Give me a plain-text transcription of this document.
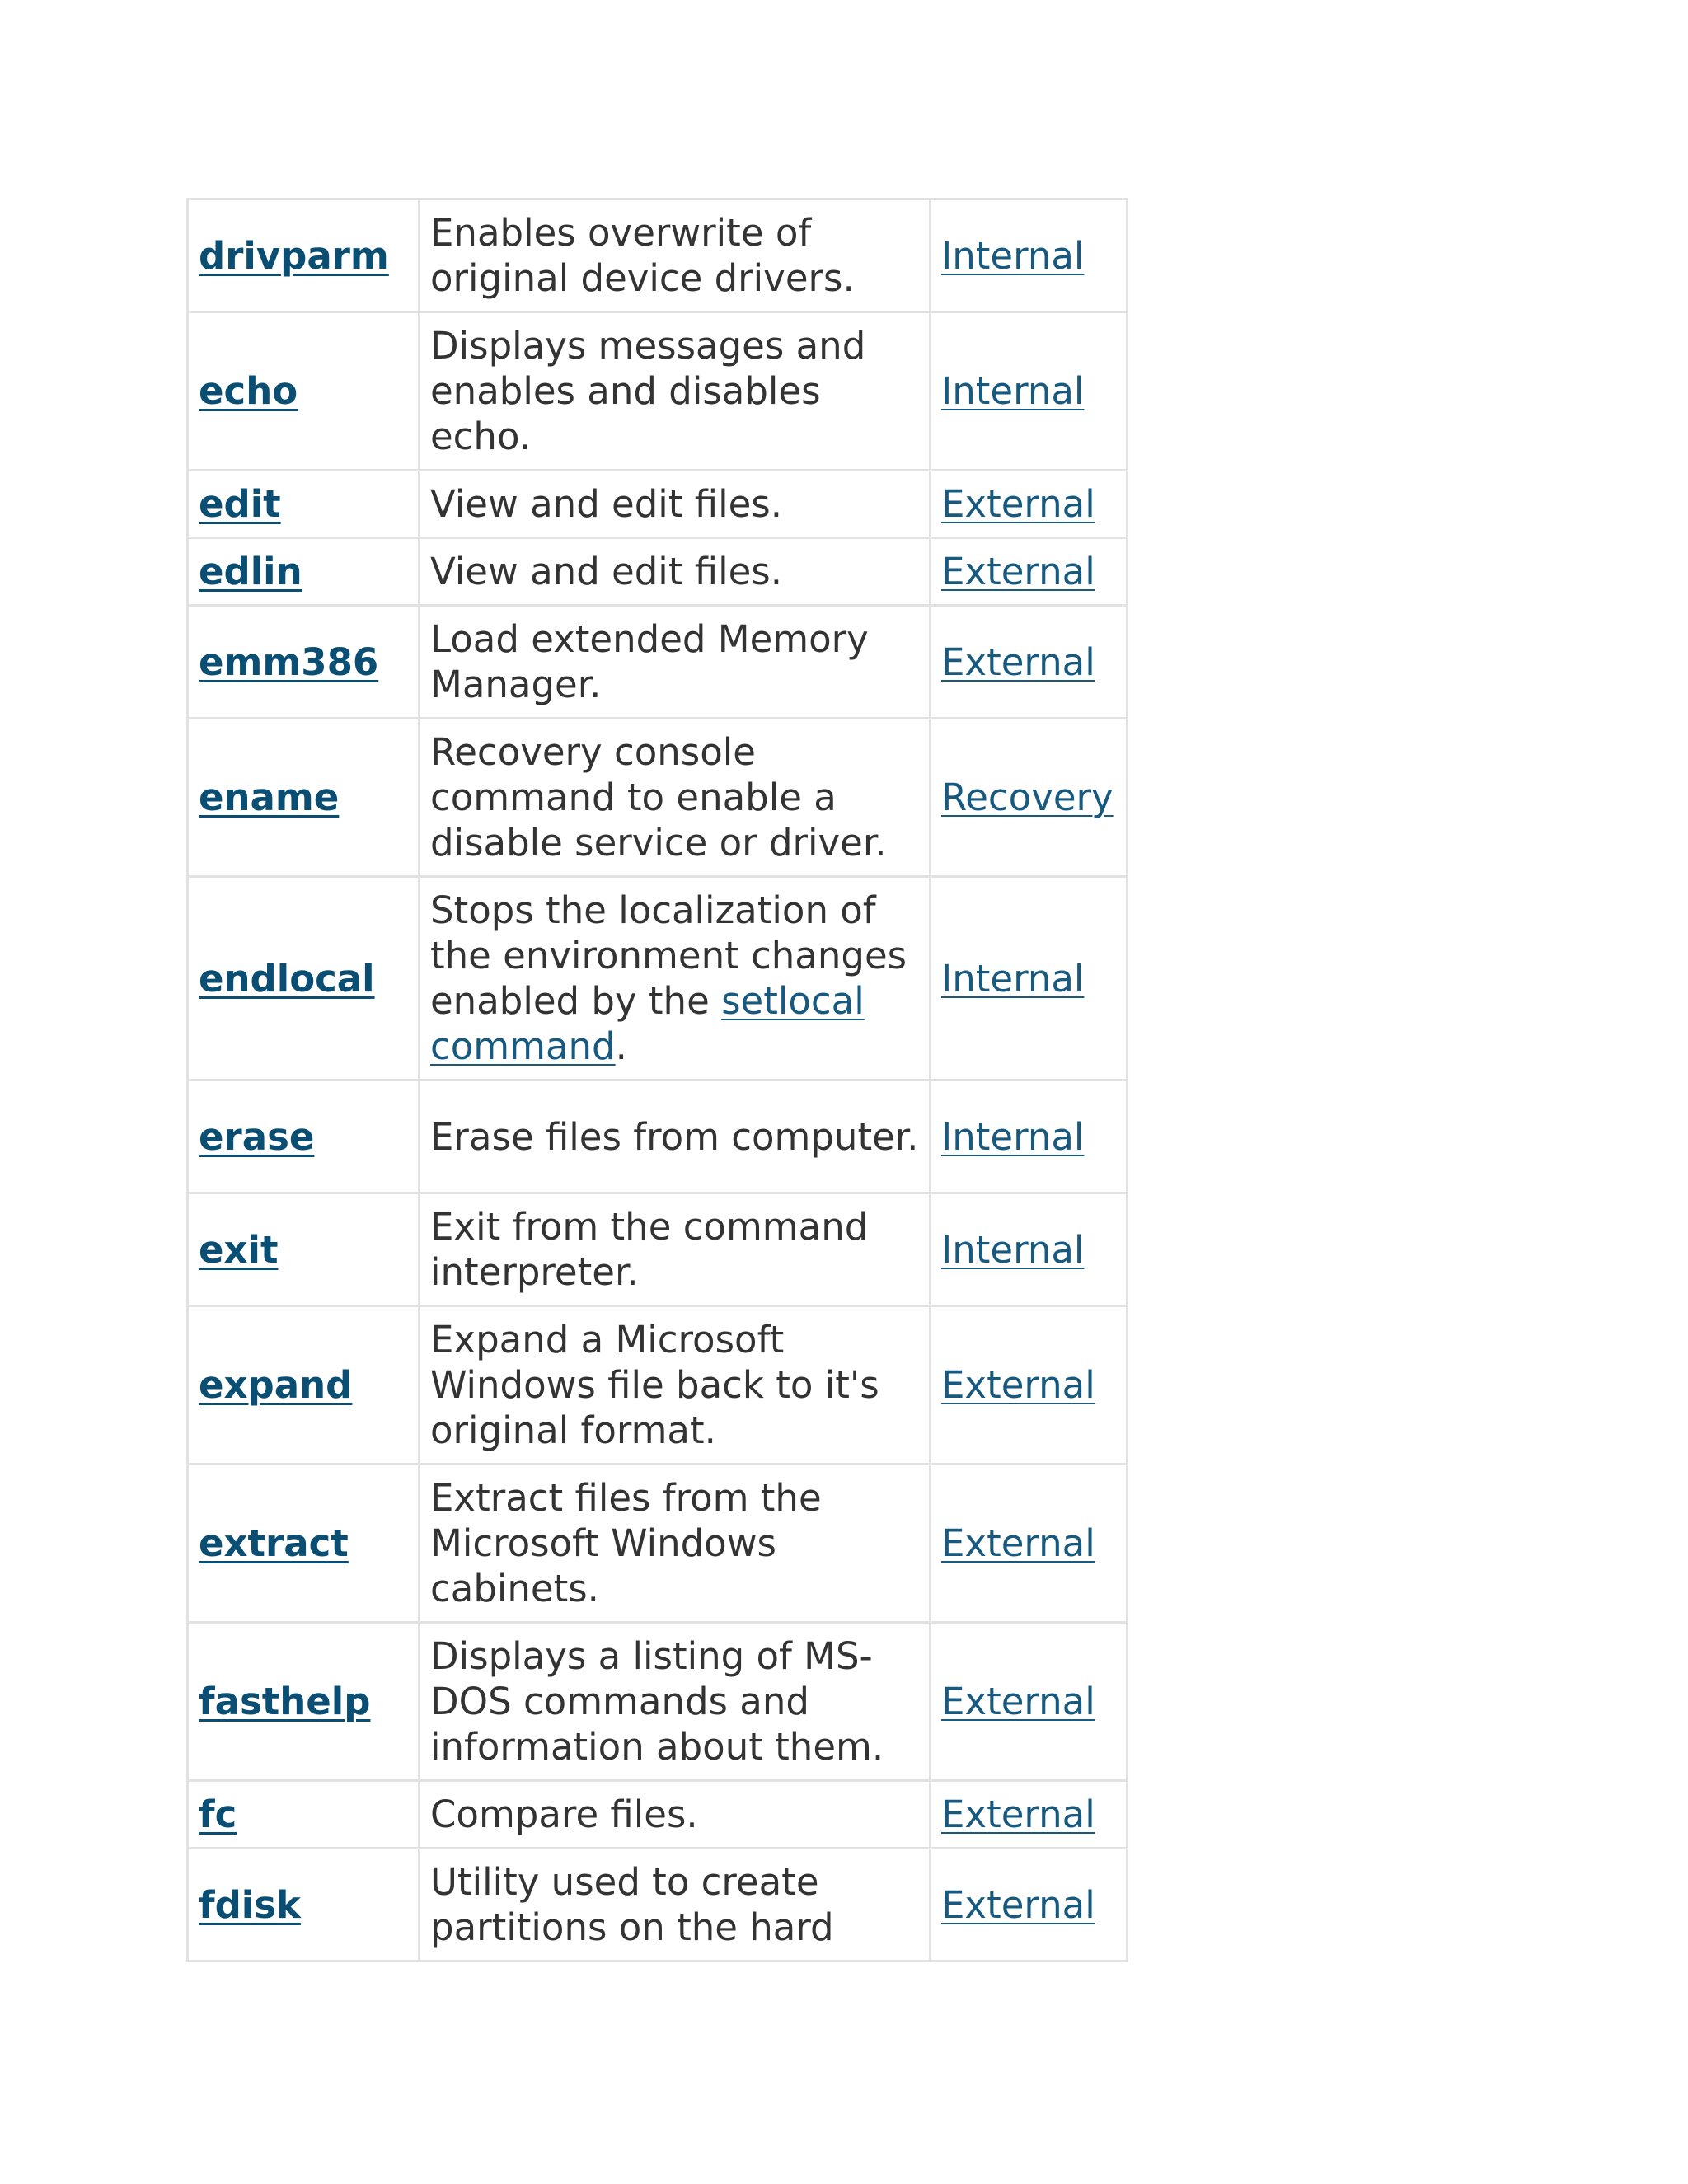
drivparm	Enables overwrite of original device drivers.	Internal
echo	Displays messages and enables and disables echo.	Internal
edit	View and edit files.	External
edlin	View and edit files.	External
emm386	Load extended Memory Manager.	External
ename	Recovery console command to enable a disable service or driver.	Recovery
endlocal	Stops the localization of the environment changes enabled by the setlocal command.	Internal
erase	Erase files from computer.	Internal
exit	Exit from the command interpreter.	Internal
expand	Expand a Microsoft Windows file back to it's original format.	External
extract	Extract files from the Microsoft Windows cabinets.	External
fasthelp	Displays a listing of MS-DOS commands and information about them.	External
fc	Compare files.	External
fdisk	Utility used to create partitions on the hard	External
